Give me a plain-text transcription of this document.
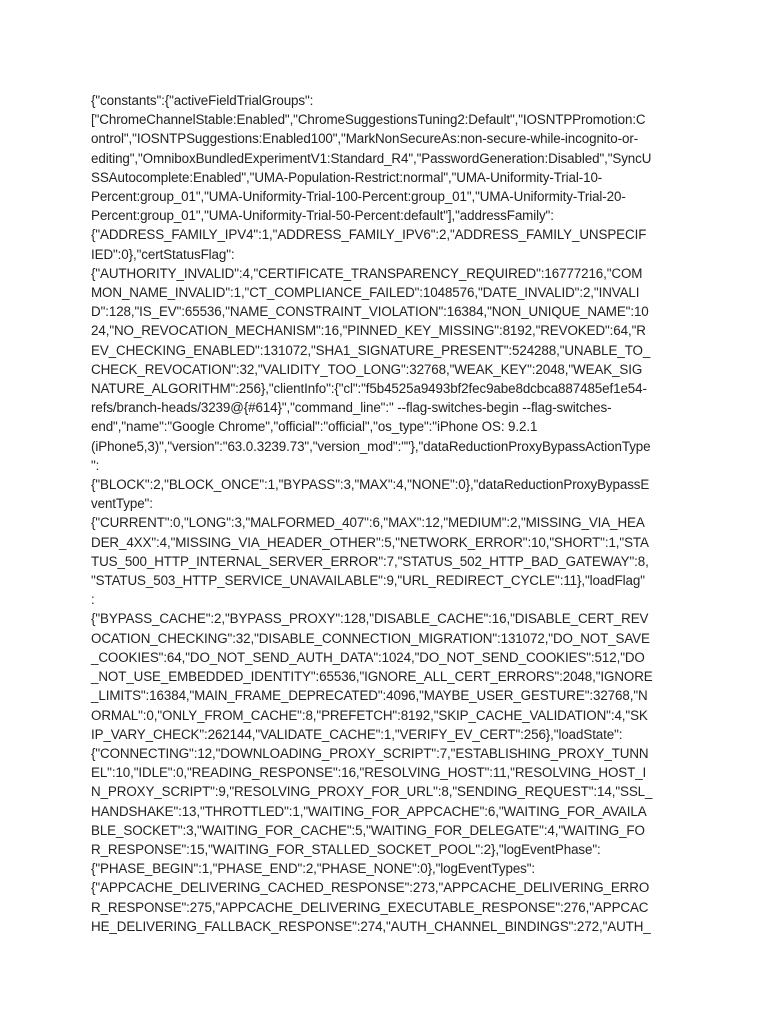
{"constants":{"activeFieldTrialGroups":
["ChromeChannelStable:Enabled","ChromeSuggestionsTuning2:Default","IOSNTPPromotion:C
ontrol","IOSNTPSuggestions:Enabled100","MarkNonSecureAs:non-secure-while-incognito-or-
editing","OmniboxBundledExperimentV1:Standard_R4","PasswordGeneration:Disabled","SyncU
SSAutocomplete:Enabled","UMA-Population-Restrict:normal","UMA-Uniformity-Trial-10-
Percent:group_01","UMA-Uniformity-Trial-100-Percent:group_01","UMA-Uniformity-Trial-20-
Percent:group_01","UMA-Uniformity-Trial-50-Percent:default"],"addressFamily":
{"ADDRESS_FAMILY_IPV4":1,"ADDRESS_FAMILY_IPV6":2,"ADDRESS_FAMILY_UNSPECIF
IED":0},"certStatusFlag":
{"AUTHORITY_INVALID":4,"CERTIFICATE_TRANSPARENCY_REQUIRED":16777216,"COM
MON_NAME_INVALID":1,"CT_COMPLIANCE_FAILED":1048576,"DATE_INVALID":2,"INVALI
D":128,"IS_EV":65536,"NAME_CONSTRAINT_VIOLATION":16384,"NON_UNIQUE_NAME":10
24,"NO_REVOCATION_MECHANISM":16,"PINNED_KEY_MISSING":8192,"REVOKED":64,"R
EV_CHECKING_ENABLED":131072,"SHA1_SIGNATURE_PRESENT":524288,"UNABLE_TO_
CHECK_REVOCATION":32,"VALIDITY_TOO_LONG":32768,"WEAK_KEY":2048,"WEAK_SIG
NATURE_ALGORITHM":256},"clientInfo":{"cl":"f5b4525a9493bf2fec9abe8dcbca887485ef1e54-
refs/branch-heads/3239@{#614}","command_line":" --flag-switches-begin --flag-switches-
end","name":"Google Chrome","official":"official","os_type":"iPhone OS: 9.2.1
(iPhone5,3)","version":"63.0.3239.73","version_mod":""},"dataReductionProxyBypassActionType
":
{"BLOCK":2,"BLOCK_ONCE":1,"BYPASS":3,"MAX":4,"NONE":0},"dataReductionProxyBypassE
ventType":
{"CURRENT":0,"LONG":3,"MALFORMED_407":6,"MAX":12,"MEDIUM":2,"MISSING_VIA_HEA
DER_4XX":4,"MISSING_VIA_HEADER_OTHER":5,"NETWORK_ERROR":10,"SHORT":1,"STA
TUS_500_HTTP_INTERNAL_SERVER_ERROR":7,"STATUS_502_HTTP_BAD_GATEWAY":8,
"STATUS_503_HTTP_SERVICE_UNAVAILABLE":9,"URL_REDIRECT_CYCLE":11},"loadFlag"
:
{"BYPASS_CACHE":2,"BYPASS_PROXY":128,"DISABLE_CACHE":16,"DISABLE_CERT_REV
OCATION_CHECKING":32,"DISABLE_CONNECTION_MIGRATION":131072,"DO_NOT_SAVE
_COOKIES":64,"DO_NOT_SEND_AUTH_DATA":1024,"DO_NOT_SEND_COOKIES":512,"DO
_NOT_USE_EMBEDDED_IDENTITY":65536,"IGNORE_ALL_CERT_ERRORS":2048,"IGNORE
_LIMITS":16384,"MAIN_FRAME_DEPRECATED":4096,"MAYBE_USER_GESTURE":32768,"N
ORMAL":0,"ONLY_FROM_CACHE":8,"PREFETCH":8192,"SKIP_CACHE_VALIDATION":4,"SK
IP_VARY_CHECK":262144,"VALIDATE_CACHE":1,"VERIFY_EV_CERT":256},"loadState":
{"CONNECTING":12,"DOWNLOADING_PROXY_SCRIPT":7,"ESTABLISHING_PROXY_TUNN
EL":10,"IDLE":0,"READING_RESPONSE":16,"RESOLVING_HOST":11,"RESOLVING_HOST_I
N_PROXY_SCRIPT":9,"RESOLVING_PROXY_FOR_URL":8,"SENDING_REQUEST":14,"SSL_
HANDSHAKE":13,"THROTTLED":1,"WAITING_FOR_APPCACHE":6,"WAITING_FOR_AVAILA
BLE_SOCKET":3,"WAITING_FOR_CACHE":5,"WAITING_FOR_DELEGATE":4,"WAITING_FO
R_RESPONSE":15,"WAITING_FOR_STALLED_SOCKET_POOL":2},"logEventPhase":
{"PHASE_BEGIN":1,"PHASE_END":2,"PHASE_NONE":0},"logEventTypes":
{"APPCACHE_DELIVERING_CACHED_RESPONSE":273,"APPCACHE_DELIVERING_ERRO
R_RESPONSE":275,"APPCACHE_DELIVERING_EXECUTABLE_RESPONSE":276,"APPCAC
HE_DELIVERING_FALLBACK_RESPONSE":274,"AUTH_CHANNEL_BINDINGS":272,"AUTH_
